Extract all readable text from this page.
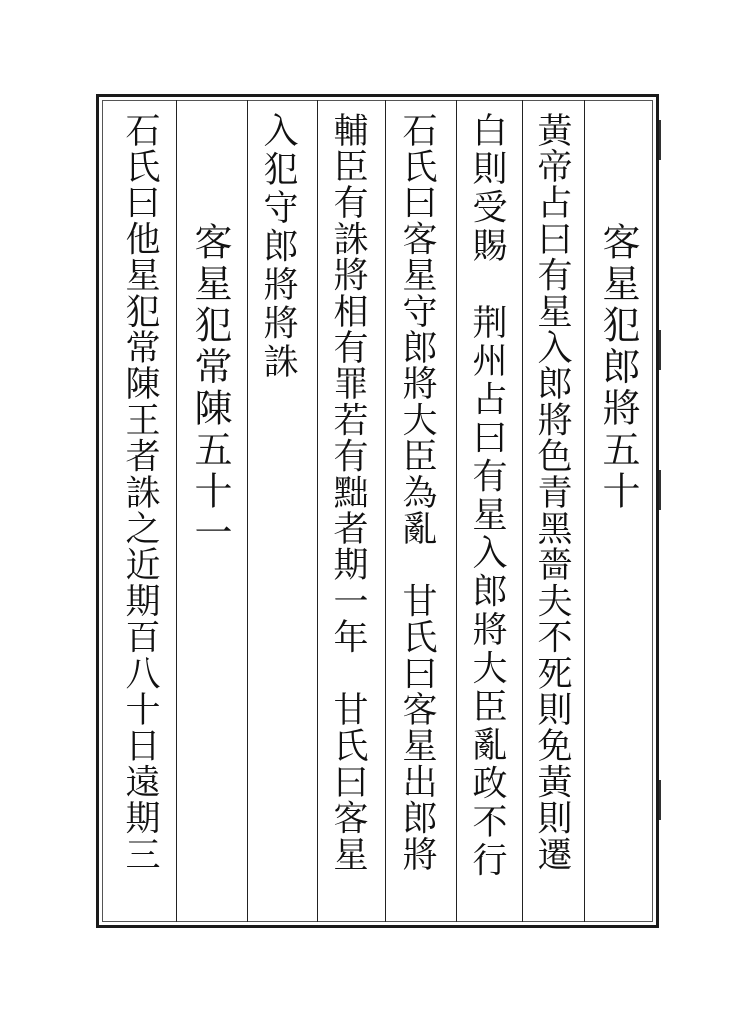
客星犯郎將五十
黃帝占曰有星入郎將色青黑嗇夫不死則免黃則遷
白則受賜　荆州占曰有星入郎將大臣亂政不行
石氏曰客星守郎將大臣為亂　甘氏曰客星出郎將
輔臣有誅將相有罪若有黜者期一年　甘氏曰客星
入犯守郎將將誅
客星犯常陳五十一
石氏曰他星犯常陳王者誅之近期百八十日遠期三
